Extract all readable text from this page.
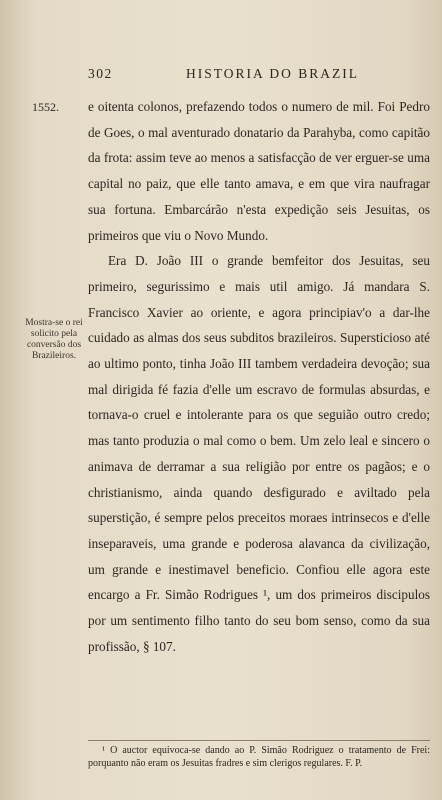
302	HISTORIA DO BRAZIL
1552.
Mostra-se o rei solicito pela conversão dos Brazileiros.

e oitenta colonos, prefazendo todos o numero de mil. Foi Pedro de Goes, o mal aventurado donatario da Parahyba, como capitão da frota: assim teve ao menos a satisfacção de ver erguer-se uma capital no paiz, que elle tanto amava, e em que vira naufragar sua fortuna. Embarcárão n'esta expedição seis Jesuitas, os primeiros que viu o Novo Mundo.

Era D. João III o grande bemfeitor dos Jesuitas, seu primeiro, segurissimo e mais util amigo. Já mandara S. Francisco Xavier ao oriente, e agora principiav'o a dar-lhe cuidado as almas dos seus subditos brazileiros. Supersticioso até ao ultimo ponto, tinha João III tambem verdadeira devoção; sua mal dirigida fé fazia d'elle um escravo de formulas absurdas, e tornava-o cruel e intolerante para os que seguião outro credo; mas tanto produzia o mal como o bem. Um zelo leal e sincero o animava de derramar a sua religião por entre os pagãos; e o christianismo, ainda quando desfigurado e aviltado pela superstição, é sempre pelos preceitos moraes intrinsecos e d'elle inseparaveis, uma grande e poderosa alavanca da civilização, um grande e inestimavel beneficio. Confiou elle agora este encargo a Fr. Simão Rodrigues ¹, um dos primeiros discipulos por um sentimento filho tanto do seu bom senso, como da sua profissão, § 107.

¹ O auctor equivoca-se dando ao P. Simão Rodriguez o tratamento de Frei: porquanto não eram os Jesuitas fradres e sim clerigos regulares. F. P.
